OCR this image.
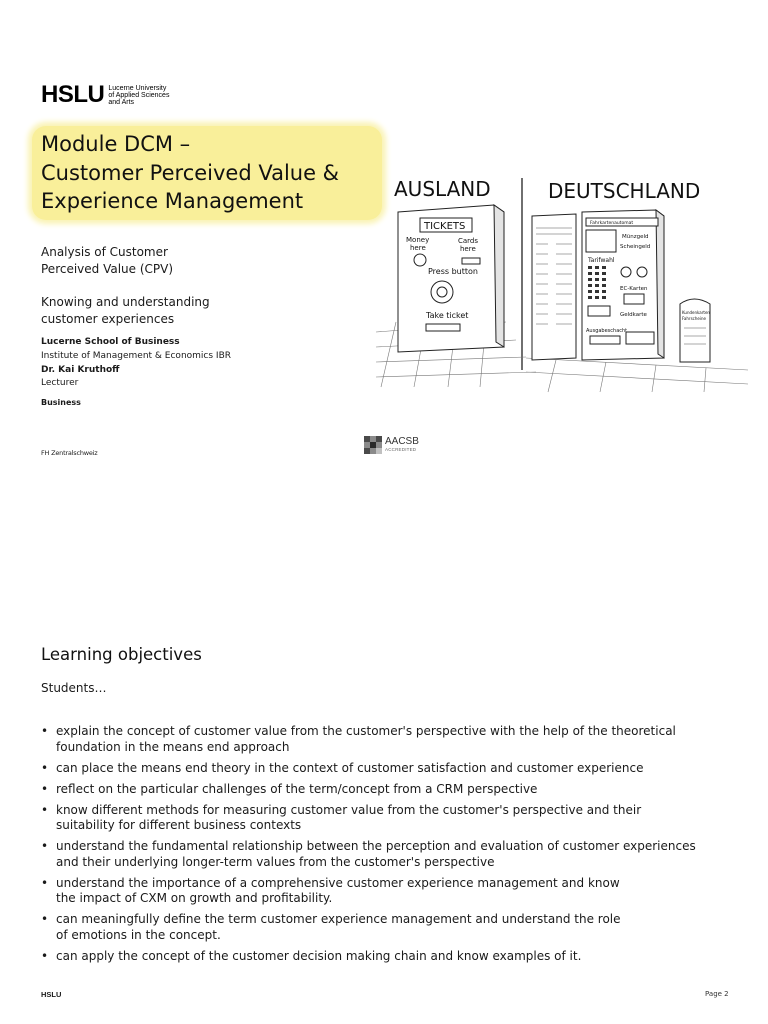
HSLU Lucerne University
of Applied Sciences
and Arts
Module DCM –
Customer Perceived Value &
Experience Management
Analysis of Customer
Perceived Value (CPV)
Knowing and understanding
customer experiences
Lucerne School of Business
Institute of Management & Economics IBR
Dr. Kai Kruthoff
Lecturer
Business
FH Zentralschweiz
AACSB
ACCREDITED
AUSLAND	DEUTSCHLAND
TICKETS
Money
here
Cards
here
Press button
Take ticket
Fahrkartenautomat
Münzgeld
Scheingeld
Tarifwahl
EC-Karten
Geldkarte
Ausgabeschacht
Kundenkarten
Fahrscheine
Learning objectives
Students…
• explain the concept of customer value from the customer's perspective with the help of the theoretical
foundation in the means end approach
• can place the means end theory in the context of customer satisfaction and customer experience
• reflect on the particular challenges of the term/concept from a CRM perspective
• know different methods for measuring customer value from the customer's perspective and their
suitability for different business contexts
• understand the fundamental relationship between the perception and evaluation of customer experiences
and their underlying longer-term values from the customer's perspective
• understand the importance of a comprehensive customer experience management and know
the impact of CXM on growth and profitability.
• can meaningfully define the term customer experience management and understand the role
of emotions in the concept.
• can apply the concept of the customer decision making chain and know examples of it.
HSLU	Page 2
